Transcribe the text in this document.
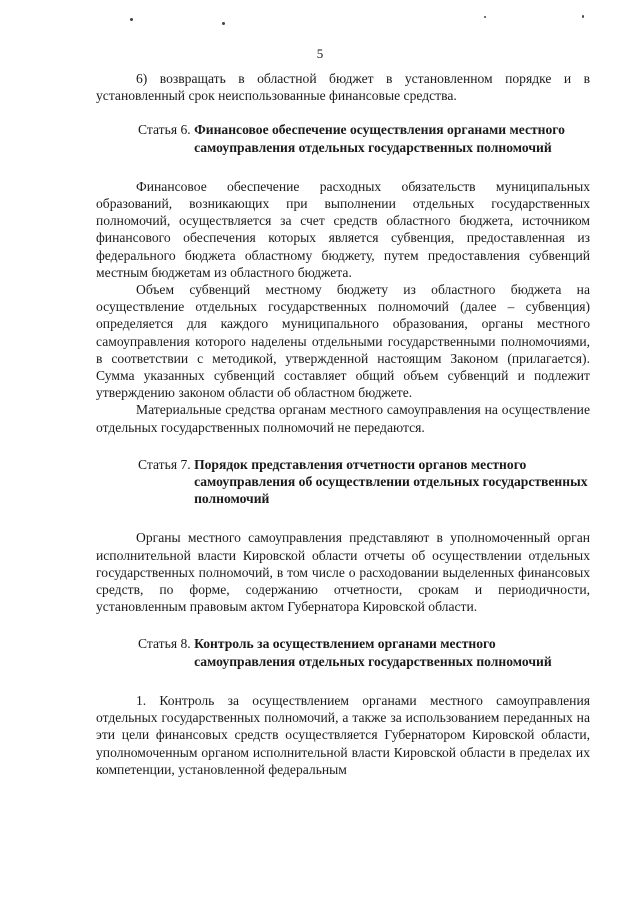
5

6) возвращать в областной бюджет в установленном порядке и в установленный срок неиспользованные финансовые средства.

Статья 6. Финансовое обеспечение осуществления органами местного самоуправления отдельных государственных полномочий

Финансовое обеспечение расходных обязательств муниципальных образований, возникающих при выполнении отдельных государственных полномочий, осуществляется за счет средств областного бюджета, источником финансового обеспечения которых является субвенция, предоставленная из федерального бюджета областному бюджету, путем предоставления субвенций местным бюджетам из областного бюджета.

Объем субвенций местному бюджету из областного бюджета на осуществление отдельных государственных полномочий (далее – субвенция) определяется для каждого муниципального образования, органы местного самоуправления которого наделены отдельными государственными полномочиями, в соответствии с методикой, утвержденной настоящим Законом (прилагается). Сумма указанных субвенций составляет общий объем субвенций и подлежит утверждению законом области об областном бюджете.

Материальные средства органам местного самоуправления на осуществление отдельных государственных полномочий не передаются.

Статья 7. Порядок представления отчетности органов местного самоуправления об осуществлении отдельных государственных полномочий

Органы местного самоуправления представляют в уполномоченный орган исполнительной власти Кировской области отчеты об осуществлении отдельных государственных полномочий, в том числе о расходовании выделенных финансовых средств, по форме, содержанию отчетности, срокам и периодичности, установленным правовым актом Губернатора Кировской области.

Статья 8. Контроль за осуществлением органами местного самоуправления отдельных государственных полномочий

1. Контроль за осуществлением органами местного самоуправления отдельных государственных полномочий, а также за использованием переданных на эти цели финансовых средств осуществляется Губернатором Кировской области, уполномоченным органом исполнительной власти Кировской области в пределах их компетенции, установленной федеральным
